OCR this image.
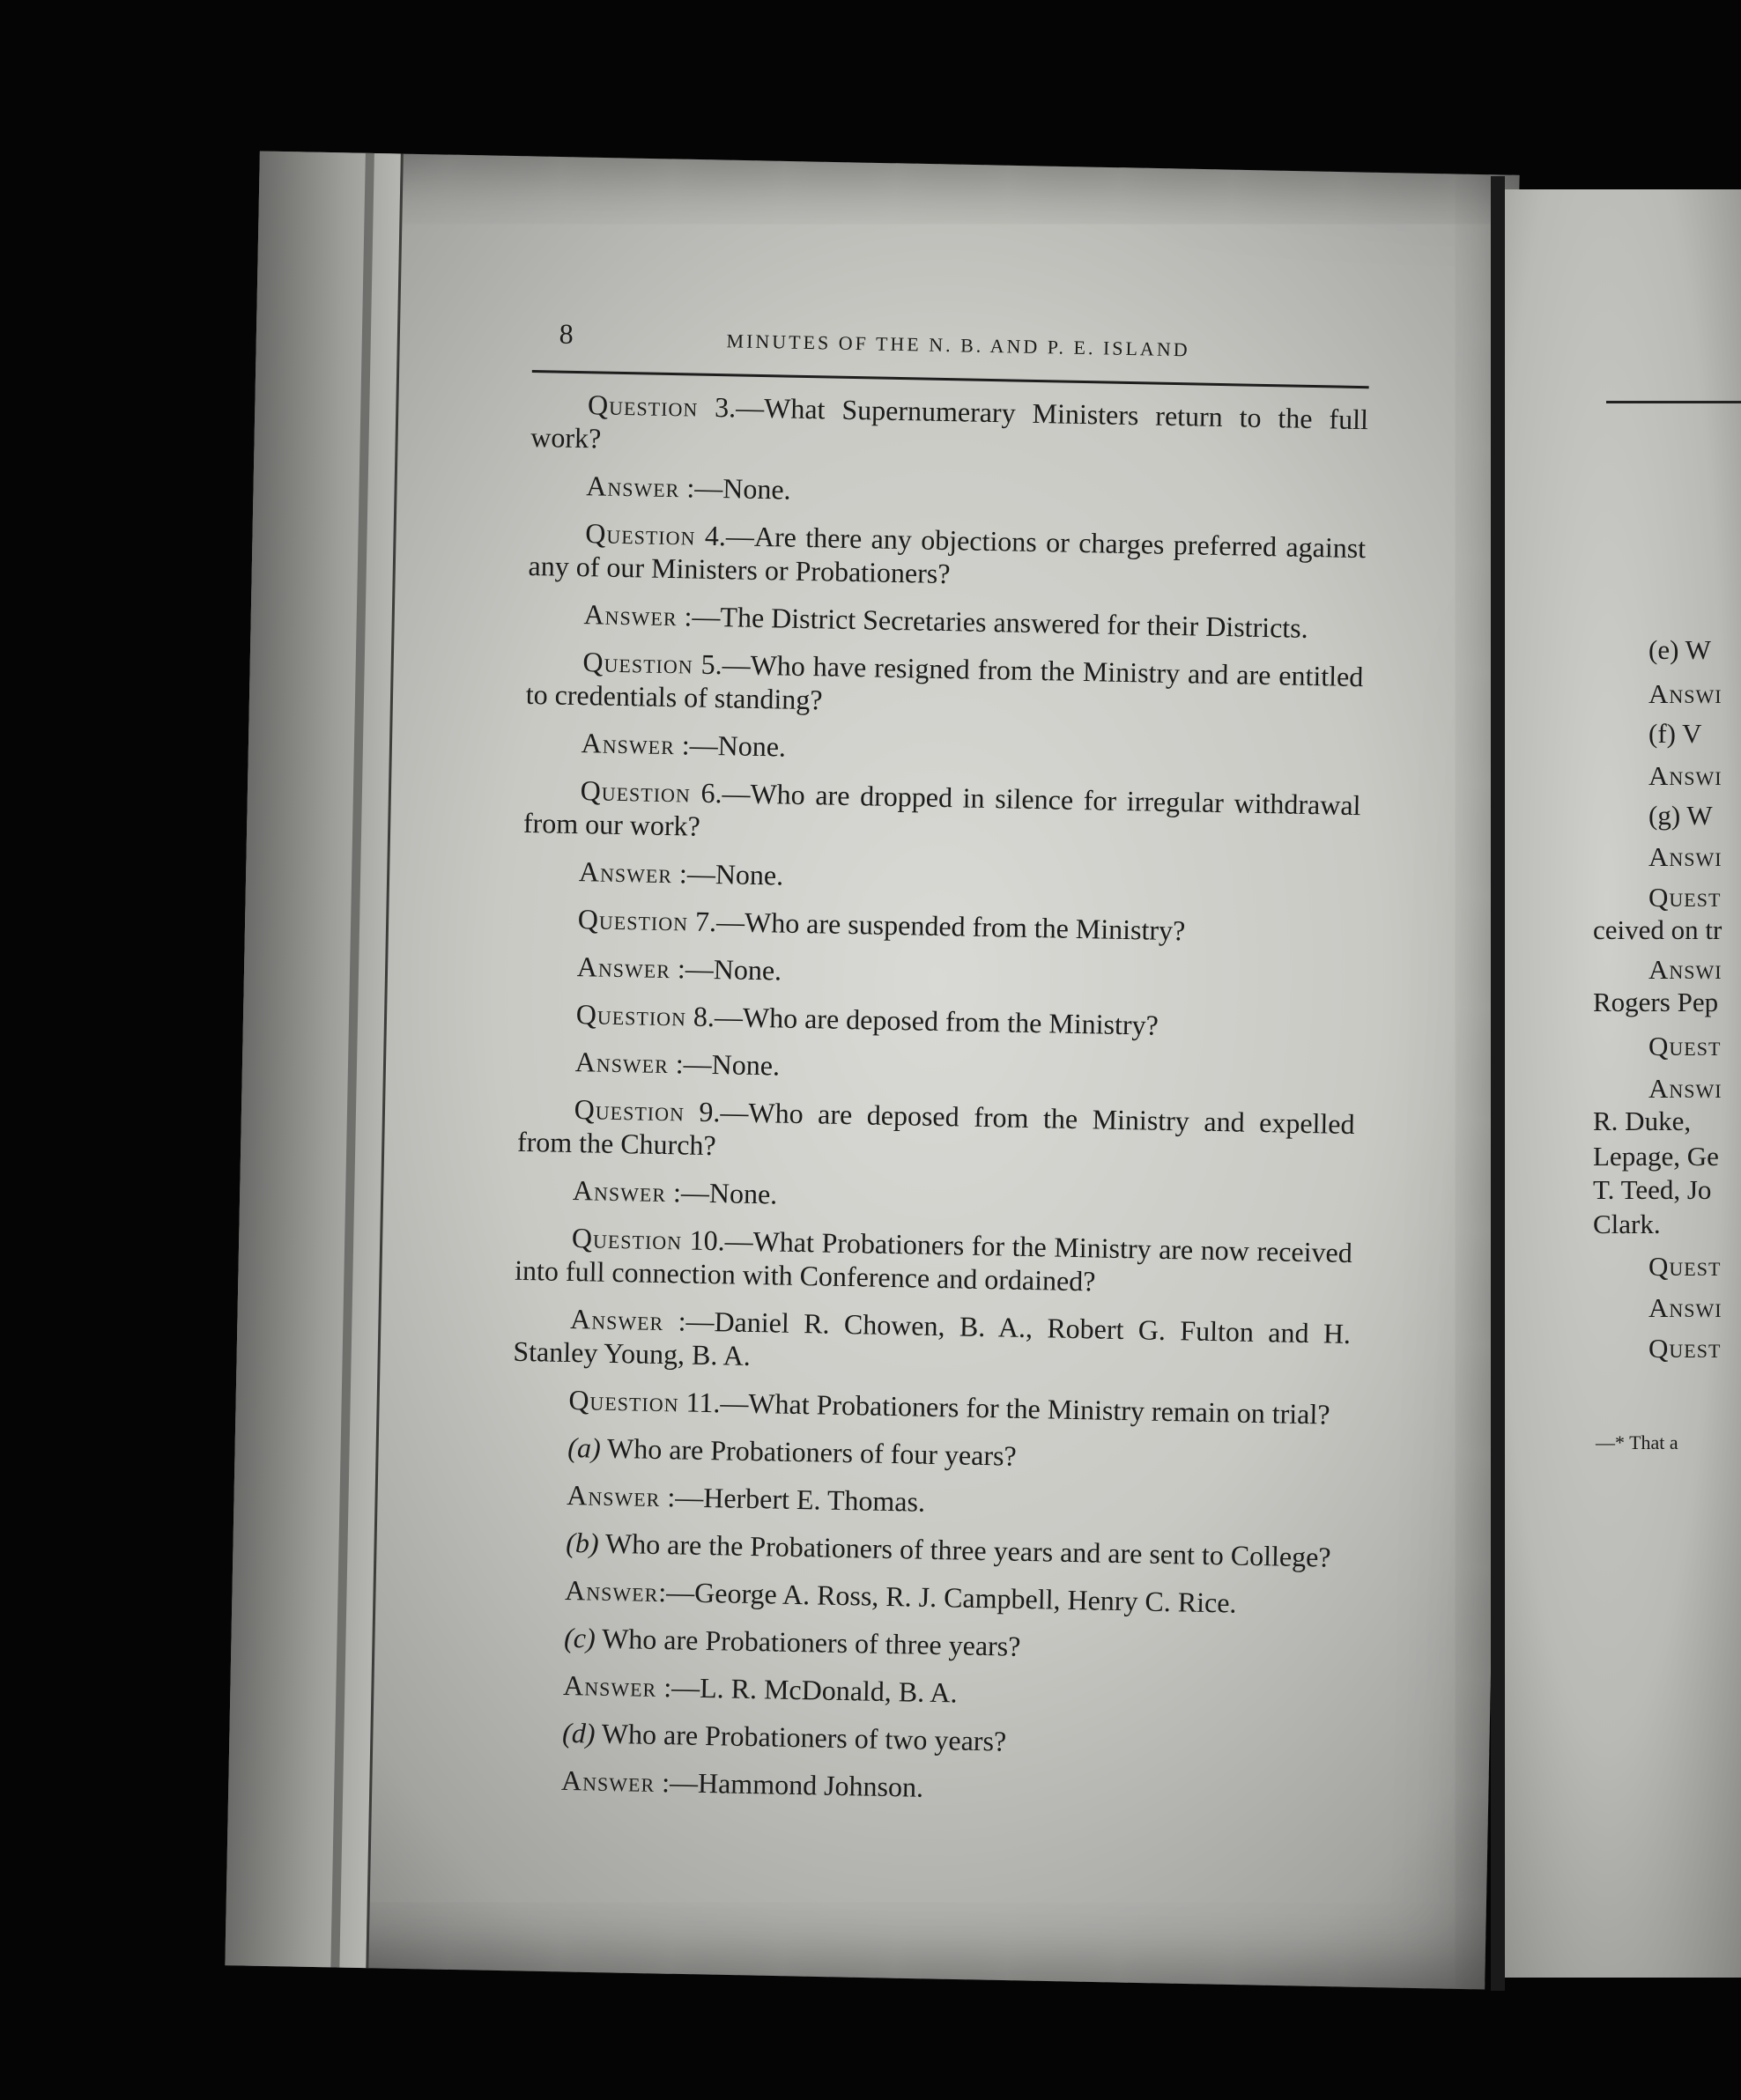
(e) W
Answi
(f) V
Answi
(g) W
Answi
Quest
ceived on tr
Answi
Rogers Pep
Quest
Answi
R. Duke,
Lepage, Ge
T. Teed, Jo
Clark.
Quest
Answi
Quest
—* That a
8	MINUTES OF THE N. B. AND P. E. ISLAND

Question 3.—What Supernumerary Ministers return to the full work?

Answer :—None.

Question 4.—Are there any objections or charges preferred against any of our Ministers or Probationers?

Answer :—The District Secretaries answered for their Districts.

Question 5.—Who have resigned from the Ministry and are entitled to credentials of standing?

Answer :—None.

Question 6.—Who are dropped in silence for irregular withdrawal from our work?

Answer :—None.

Question 7.—Who are suspended from the Ministry?

Answer :—None.

Question 8.—Who are deposed from the Ministry?

Answer :—None.

Question 9.—Who are deposed from the Ministry and expelled from the Church?

Answer :—None.

Question 10.—What Probationers for the Ministry are now received into full connection with Conference and ordained?

Answer :—Daniel R. Chowen, B. A., Robert G. Fulton and H. Stanley Young, B. A.

Question 11.—What Probationers for the Ministry remain on trial?

(a) Who are Probationers of four years?

Answer :—Herbert E. Thomas.

(b) Who are the Probationers of three years and are sent to College?

Answer:—George A. Ross, R. J. Campbell, Henry C. Rice.

(c) Who are Probationers of three years?

Answer :—L. R. McDonald, B. A.

(d) Who are Probationers of two years?

Answer :—Hammond Johnson.
